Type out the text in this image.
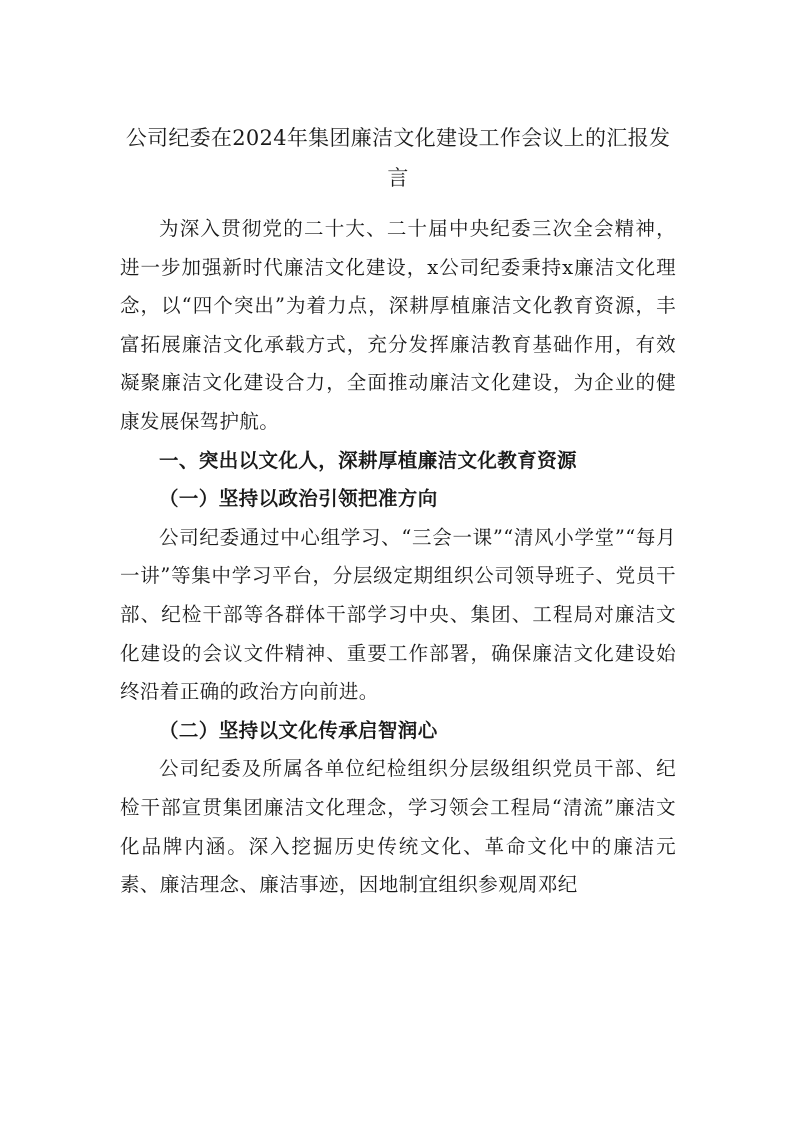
公司纪委在2024年集团廉洁文化建设工作会议上的汇报发言

为深入贯彻党的二十大、二十届中央纪委三次全会精神，进一步加强新时代廉洁文化建设，x公司纪委秉持x廉洁文化理念，以“四个突出”为着力点，深耕厚植廉洁文化教育资源，丰富拓展廉洁文化承载方式，充分发挥廉洁教育基础作用，有效凝聚廉洁文化建设合力，全面推动廉洁文化建设，为企业的健康发展保驾护航。

一、突出以文化人，深耕厚植廉洁文化教育资源

（一）坚持以政治引领把准方向

公司纪委通过中心组学习、“三会一课”“清风小学堂”“每月一讲”等集中学习平台，分层级定期组织公司领导班子、党员干部、纪检干部等各群体干部学习中央、集团、工程局对廉洁文化建设的会议文件精神、重要工作部署，确保廉洁文化建设始终沿着正确的政治方向前进。

（二）坚持以文化传承启智润心

公司纪委及所属各单位纪检组织分层级组织党员干部、纪检干部宣贯集团廉洁文化理念，学习领会工程局“清流”廉洁文化品牌内涵。深入挖掘历史传统文化、革命文化中的廉洁元素、廉洁理念、廉洁事迹，因地制宜组织参观周邓纪
